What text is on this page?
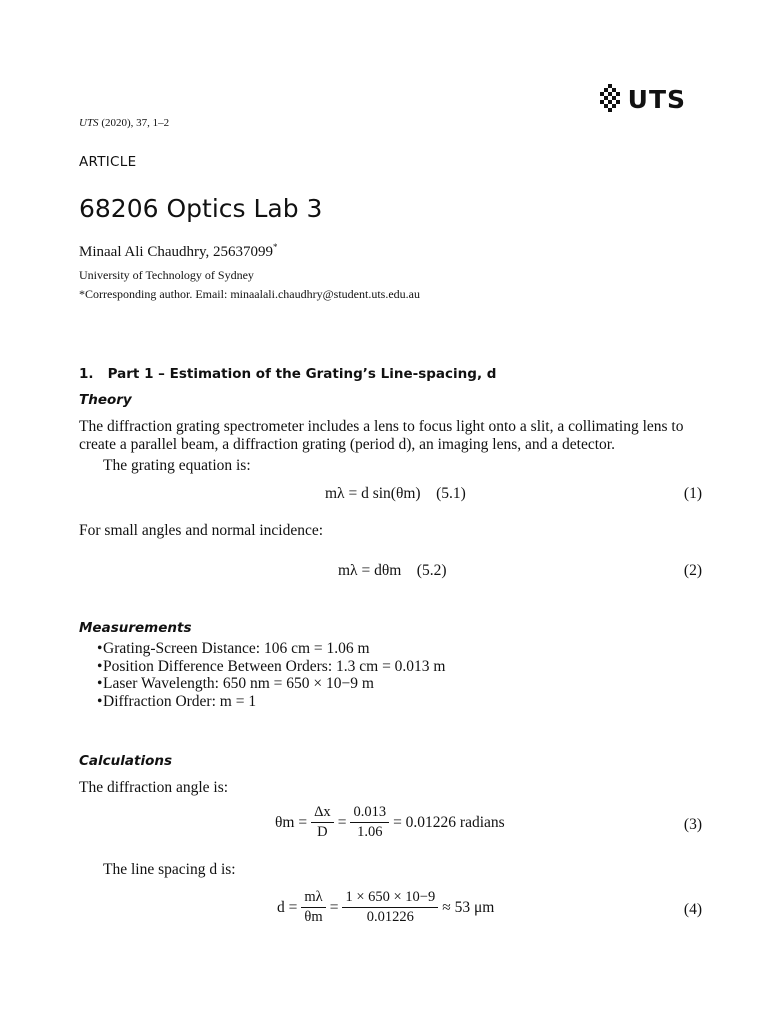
UTS
UTS (2020), 37, 1–2
ARTICLE
68206 Optics Lab 3
Minaal Ali Chaudhry, 25637099*
University of Technology of Sydney
*Corresponding author. Email: minaalali.chaudhry@student.uts.edu.au
1.   Part 1 – Estimation of the Grating’s Line-spacing, d
Theory
The diffraction grating spectrometer includes a lens to focus light onto a slit, a collimating lens to create a parallel beam, a diffraction grating (period d), an imaging lens, and a detector.
The grating equation is:
mλ = d sin(θm)    (5.1)	(1)
For small angles and normal incidence:
mλ = dθm    (5.2)	(2)
Measurements
• Grating-Screen Distance: 106 cm = 1.06 m
• Position Difference Between Orders: 1.3 cm = 0.013 m
• Laser Wavelength: 650 nm = 650 × 10−9 m
• Diffraction Order: m = 1
Calculations
The diffraction angle is:
$\theta m = \frac{\Delta x}{D} = \frac{0.013}{1.06} = 0.01226$ radians	(3)
The line spacing d is:
$d = \frac{m\lambda}{\theta m} = \frac{1 \times 650 \times 10-9}{0.01226} \approx 53$ μm	(4)
